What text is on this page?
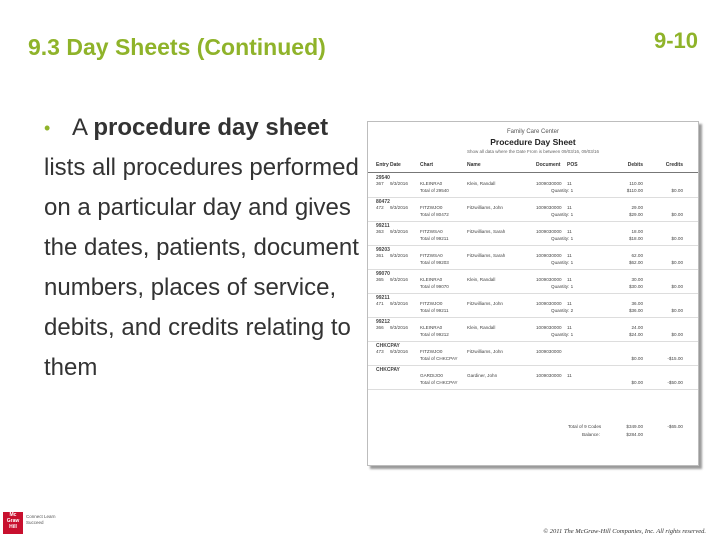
9.3 Day Sheets (Continued)	9-10
• A procedure day sheet lists all procedures performed on a particular day and gives the dates, patients, document numbers, places of service, debits, and credits relating to them
Family Care Center
Procedure Day Sheet
Show all data where the Date From is between 09/03/16, 09/03/16
Entry Date	Chart	Name	Document POS	Debits	Credits
29540
367 9/3/2016	KLEINRA0	Klein, Randall	1009030000 11	110.00
Total of 29540	Quantity: 1	$110.00	$0.00
80472
472 9/3/2016	FITZWJO0	Fitzwilliams, John	1009030000 11	29.00
Total of 80472	Quantity: 1	$29.00	$0.00
99211
363 9/3/2016	FITZWSA0	Fitzwilliams, Sarah	1009030000 11	18.00
Total of 99211	Quantity: 1	$18.00	$0.00
99203
361 9/3/2016	FITZWSA0	Fitzwilliams, Sarah	1009030000 11	62.00
Total of 99203	Quantity: 1	$62.00	$0.00
99070
365 9/3/2016	KLEINRA0	Klein, Randall	1009030000 11	30.00
Total of 99070	Quantity: 1	$30.00	$0.00
99211
471 9/3/2016	FITZWJO0	Fitzwilliams, John	1009030000 11	36.00
Total of 99211	Quantity: 2	$36.00	$0.00
99212
366 9/3/2016	KLEINRA0	Klein, Randall	1009030000 11	24.00
Total of 99212	Quantity: 1	$24.00	$0.00
CHKCPAY
473 9/3/2016	FITZWJO0	Fitzwilliams, John	1009030000
Total of CHKCPAY	$0.00	-$15.00
CHKCPAY
GARDIJO0	Gardiner, John	1009030000 11
Total of CHKCPAY	$0.00	-$50.00
Total of 9 Codes	$349.00	-$65.00
Balance:	$284.00
Mc Graw Hill
Connect Learn Succeed
© 2011 The McGraw-Hill Companies, Inc. All rights reserved.
